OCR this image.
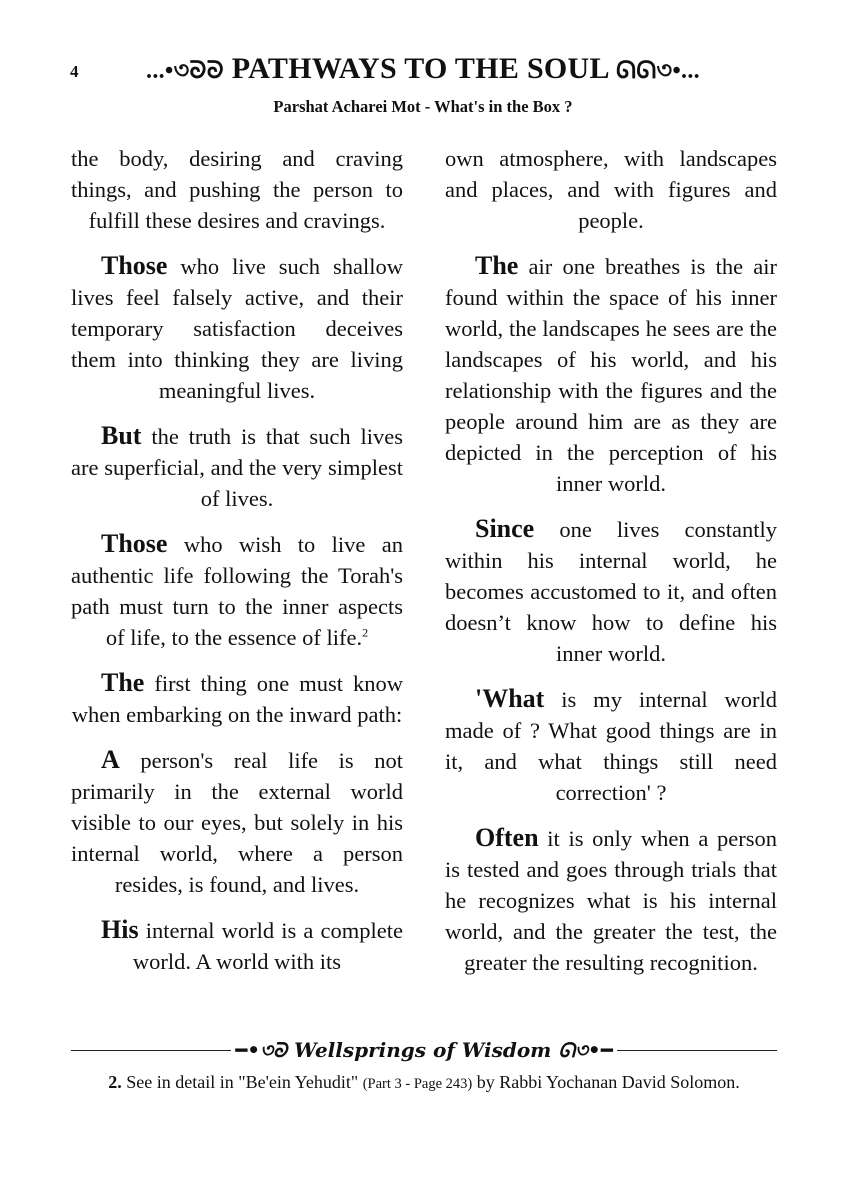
4	...•৩ᘐᘐ PATHWAYS TO THE SOUL ᘏᘏ৩•...
Parshat Acharei Mot - What's in the Box ?

the body, desiring and craving things, and pushing the person to fulfill these desires and cravings.

Those who live such shallow lives feel falsely active, and their temporary satisfaction deceives them into thinking they are living meaningful lives.

But the truth is that such lives are superficial, and the very simplest of lives.

Those who wish to live an authentic life following the Torah's path must turn to the inner aspects of life, to the essence of life.$^2$

The first thing one must know when embarking on the inward path:

A person's real life is not primarily in the external world visible to our eyes, but solely in his internal world, where a person resides, is found, and lives.

His internal world is a complete world. A world with its

own atmosphere, with landscapes and places, and with figures and people.

The air one breathes is the air found within the space of his inner world, the landscapes he sees are the landscapes of his world, and his relationship with the figures and the people around him are as they are depicted in the perception of his inner world.

Since one lives constantly within his internal world, he becomes accustomed to it, and often doesn’t know how to define his inner world.

'What is my internal world made of ? What good things are in it, and what things still need correction' ?

Often it is only when a person is tested and goes through trials that he recognizes what is his internal world, and the greater the test, the greater the resulting recognition.

━•৩ᘐ Wellsprings of Wisdom ᘏ৩•━
2. See in detail in "Be'ein Yehudit" (Part 3 - Page 243) by Rabbi Yochanan David Solomon.
